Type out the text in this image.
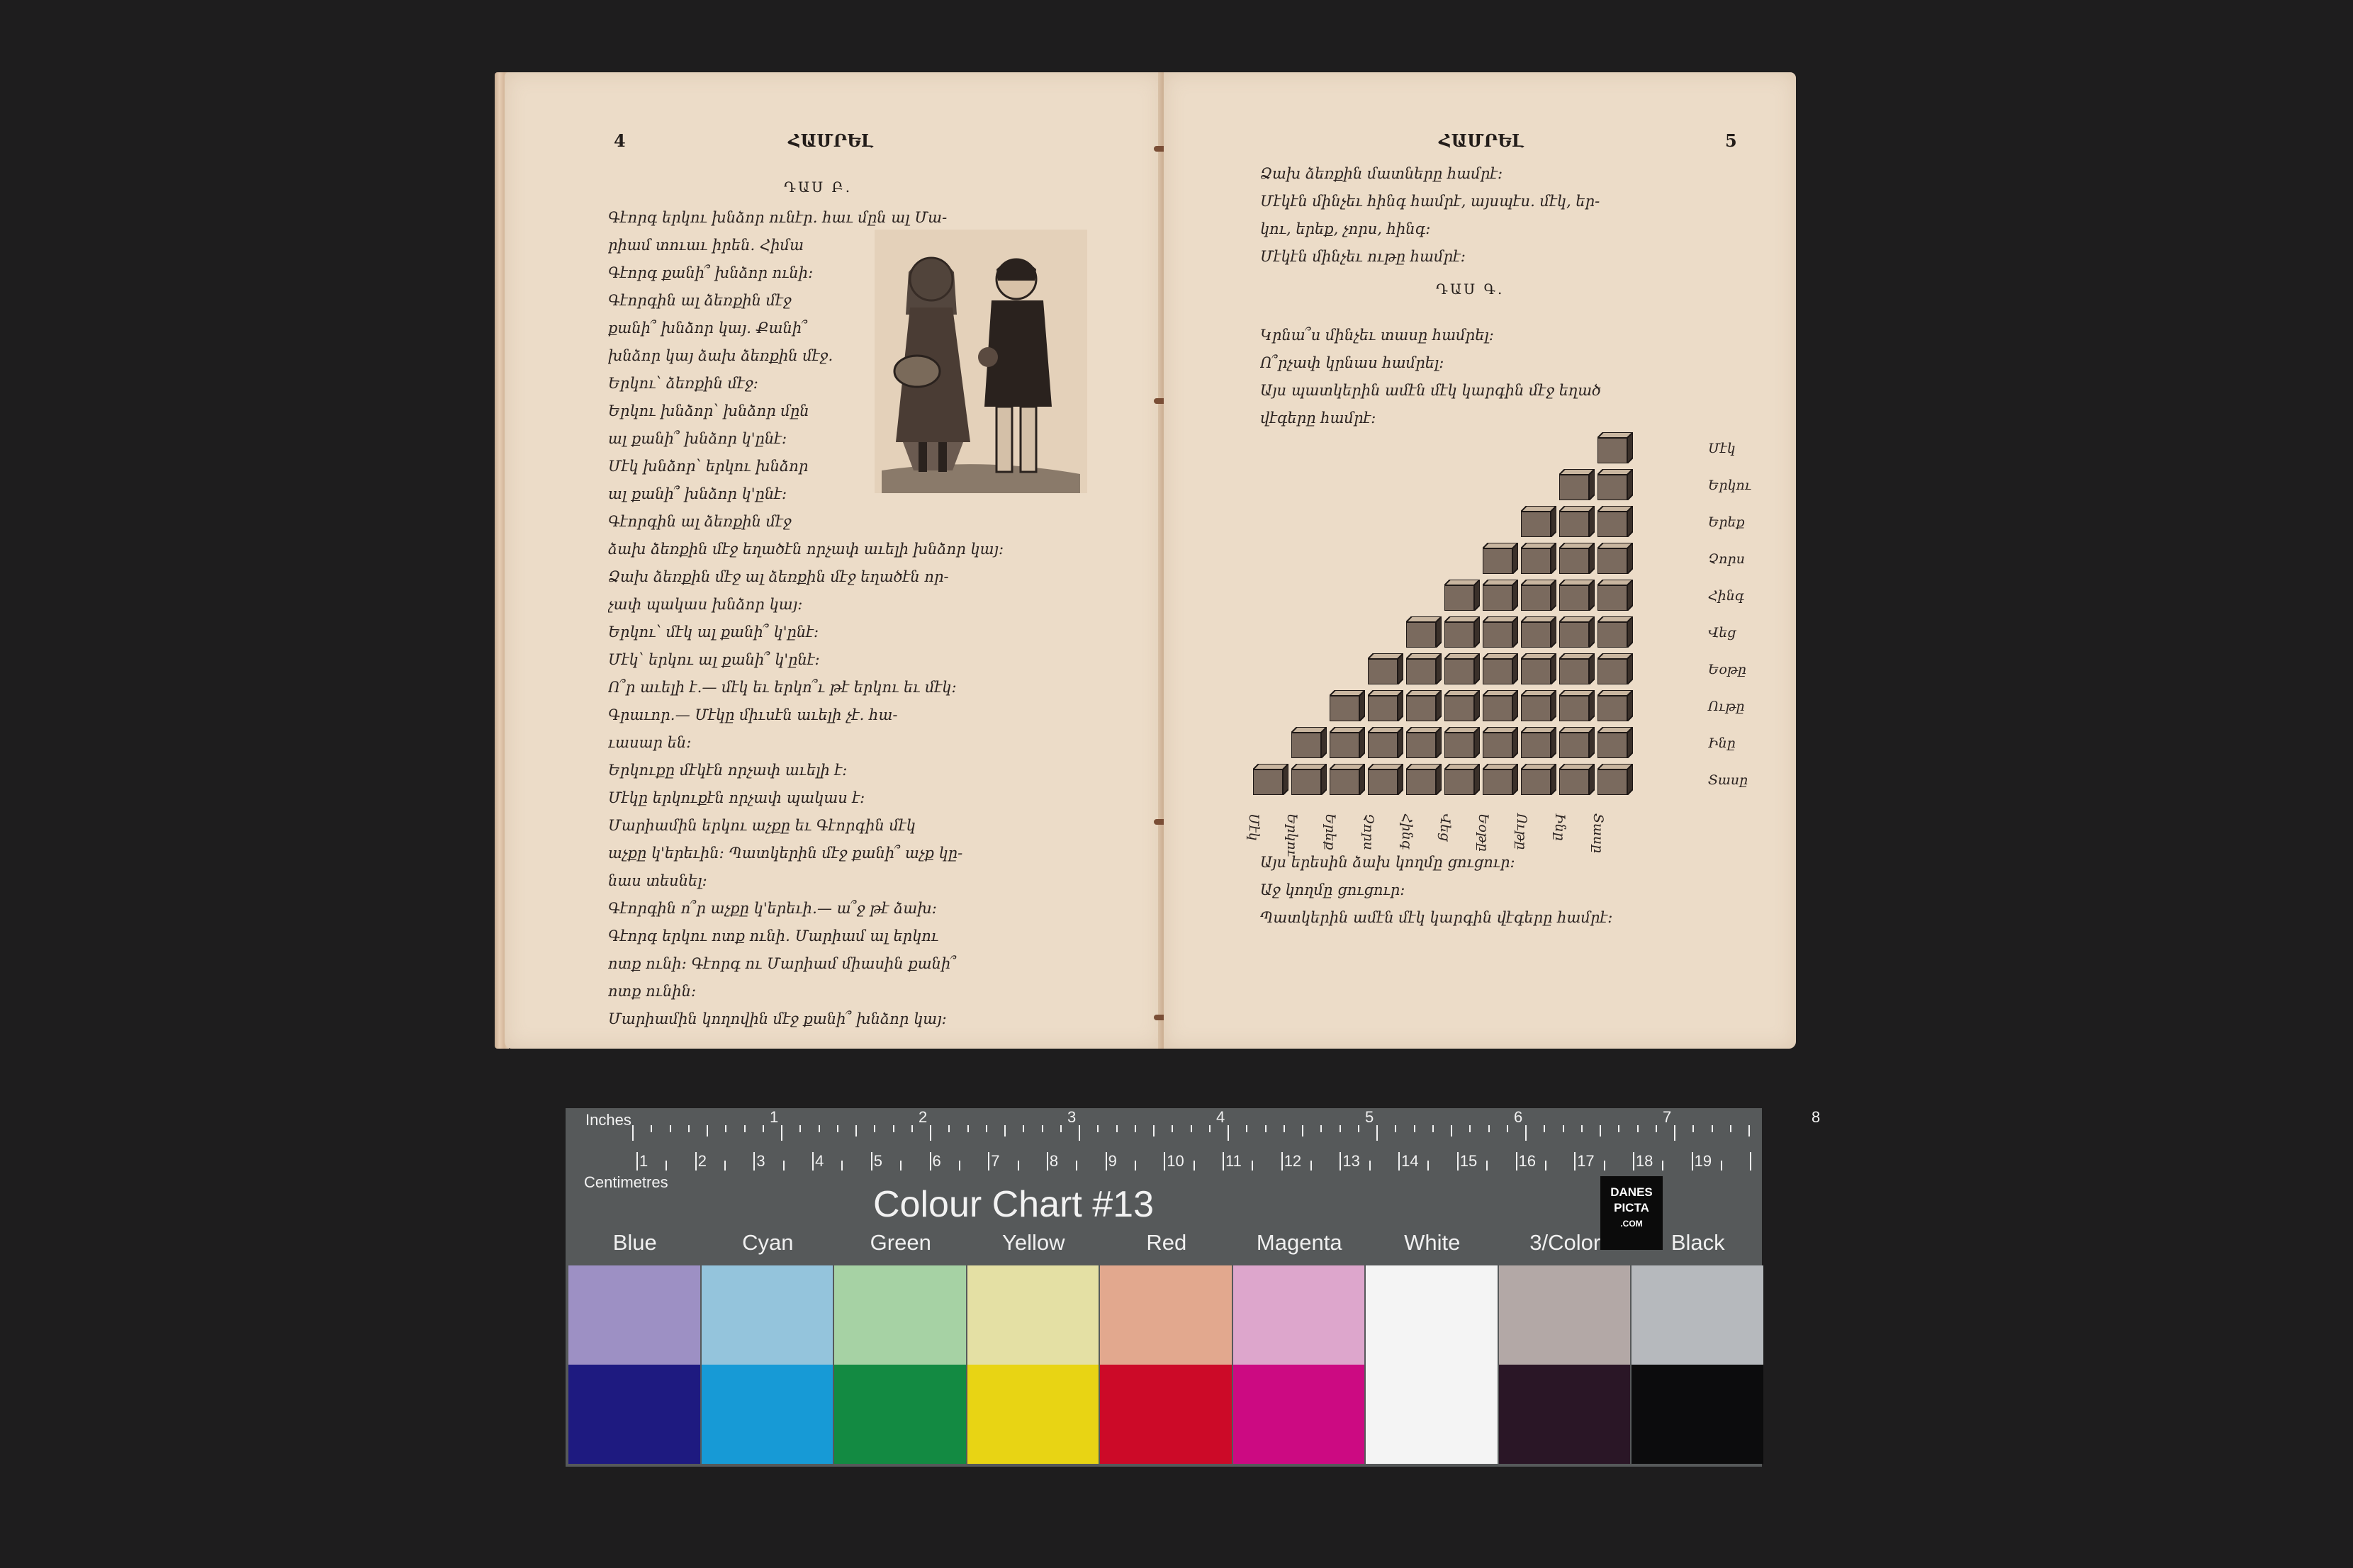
4	ՀԱՄՐԵԼ
ԴԱՍ Բ.
Գէորգ երկու խնձոր ունէր․ հաւ մըն ալ Մա-
րիամ տուաւ իրեն․ Հիմա
Գէորգ քանի՞ խնձոր ունի։
Գէորգին ալ ձեռքին մէջ
քանի՞ խնձոր կայ․ Քանի՞
խնձոր կայ ձախ ձեռքին մէջ․
Երկու՝ ձեռքին մէջ։
Երկու խնձոր՝ խնձոր մըն
ալ քանի՞ խնձոր կ'ընէ։
Մէկ խնձոր՝ երկու խնձոր
ալ քանի՞ խնձոր կ'ընէ։
Գէորգին ալ ձեռքին մէջ
ձախ ձեռքին մէջ եղածէն որչափ աւելի խնձոր կայ։
Ձախ ձեռքին մէջ ալ ձեռքին մէջ եղածէն որ-
չափ պակաս խնձոր կայ։
Երկու՝ մէկ ալ քանի՞ կ'ընէ։
Մէկ՝ երկու ալ քանի՞ կ'ընէ։
Ո՞ր աւելի է․— մէկ եւ երկո՞ւ թէ երկու եւ մէկ։
Գրաւոր․— Մէկը միւսէն աւելի չէ․ հա-
ւասար են։
Երկուքը մէկէն որչափ աւելի է։
Մէկը երկուքէն որչափ պակաս է։
Մարիամին երկու աչքը եւ Գէորգին մէկ
աչքը կ'երեւին։ Պատկերին մէջ քանի՞ աչք կը-
նաս տեսնել։
Գէորգին ո՞ր աչքը կ'երեւի․— ա՞ջ թէ ձախ։
Գէորգ երկու ոտք ունի․ Մարիամ ալ երկու
ոտք ունի։ Գէորգ ու Մարիամ միասին քանի՞
ոտք ունին։
Մարիամին կողովին մէջ քանի՞ խնձոր կայ։
ՀԱՄՐԵԼ	5
Ձախ ձեռքին մատները համրէ։
Մէկէն մինչեւ հինգ համրէ, այսպէս․ մէկ, եր-
կու, երեք, չորս, հինգ։
Մէկէն մինչեւ ութը համրէ։
ԴԱՍ Գ.
Կրնա՞ս մինչեւ տասը համրել։
Ո՞րչափ կրնաս համրել։
Այս պատկերին ամէն մէկ կարգին մէջ եղած
վէգերը համրէ։
Մէկ
Երկու
Երեք
Չորս
Հինգ
Վեց
Եօթը
Ութը
Ինը
Տասը
Մէկ Երկու Երեք Չորս Հինգ Վեց Եօթը Ութը Ինը Տասը
Այս երեսին ձախ կողմը ցուցուր։
Աջ կողմը ցուցուր։
Պատկերին ամէն մէկ կարգին վէգերը համրէ։
Inches
Centimetres
1	2	3	4	5	6	7	8
1	2	3	4	5	6	7	8	9	10	11	12	13	14	15	16	17	18	19
Colour Chart #13	DANES
PICTA
.COM
Blue	Cyan	Green	Yellow	Red	Magenta	White	3/Color	Black
